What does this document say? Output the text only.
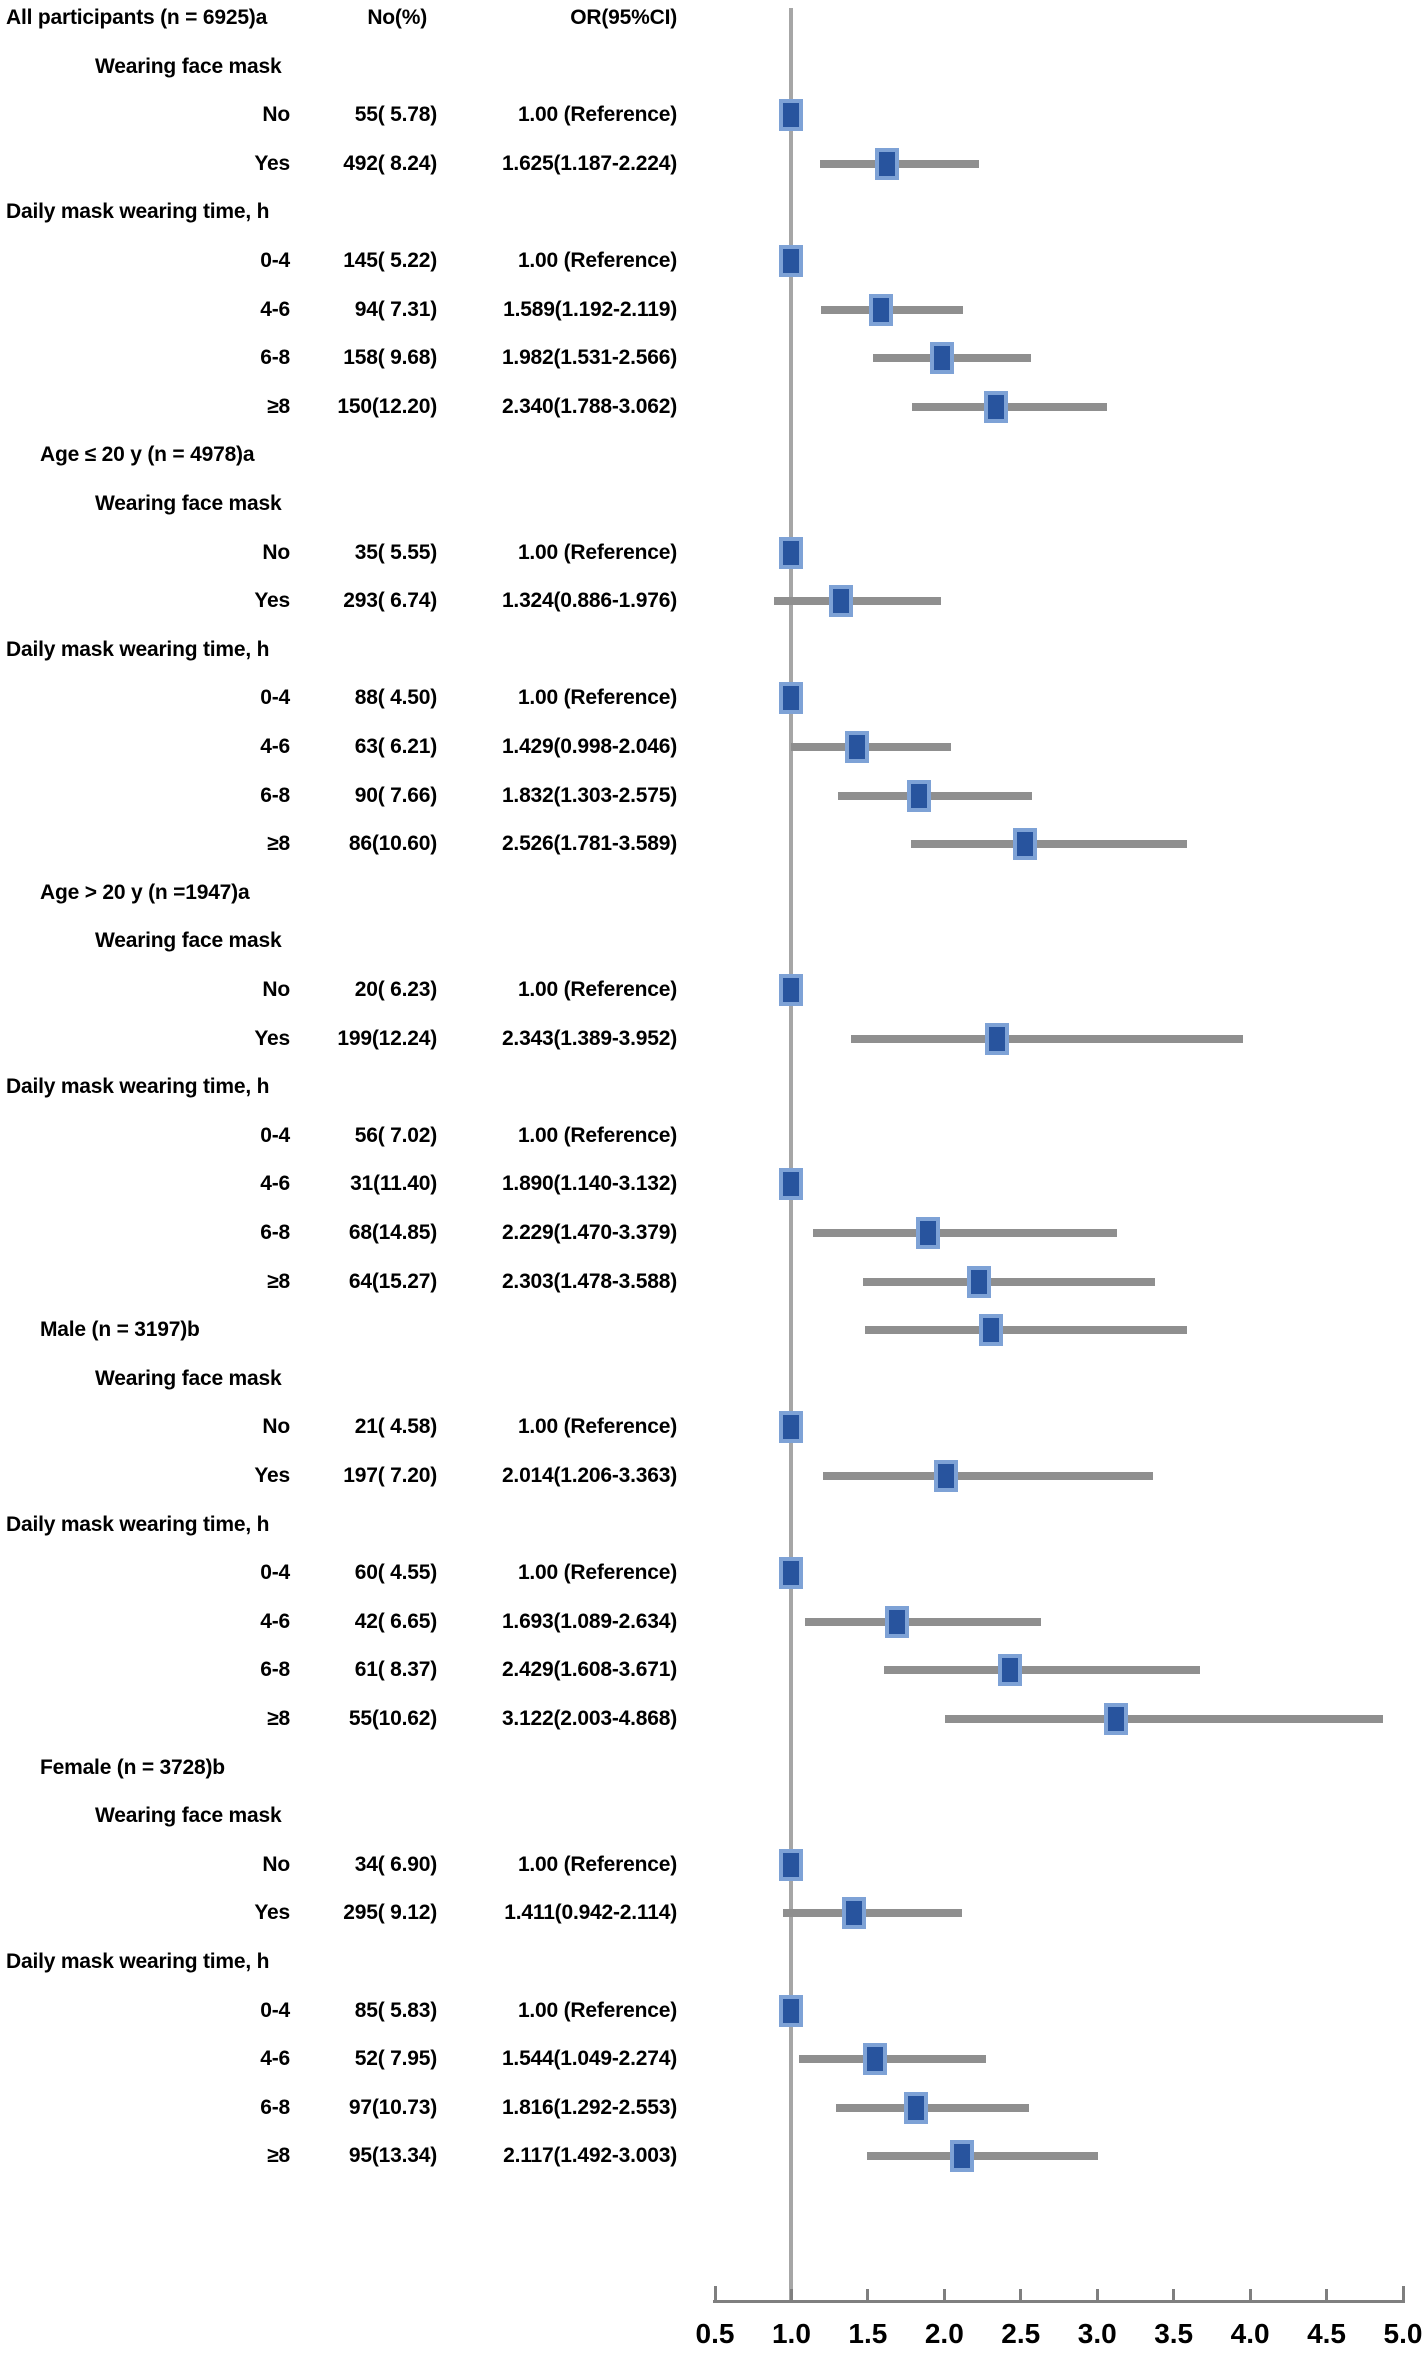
All participants (n = 6925)a	No(%)	OR(95%CI)
Wearing face mask
No	55( 5.78)	1.00 (Reference)
Yes	492( 8.24)	1.625(1.187-2.224)
Daily mask wearing time, h
0-4	145( 5.22)	1.00 (Reference)
4-6	94( 7.31)	1.589(1.192-2.119)
6-8	158( 9.68)	1.982(1.531-2.566)
≥8	150(12.20)	2.340(1.788-3.062)
Age ≤ 20 y (n = 4978)a
Wearing face mask
No	35( 5.55)	1.00 (Reference)
Yes	293( 6.74)	1.324(0.886-1.976)
Daily mask wearing time, h
0-4	88( 4.50)	1.00 (Reference)
4-6	63( 6.21)	1.429(0.998-2.046)
6-8	90( 7.66)	1.832(1.303-2.575)
≥8	86(10.60)	2.526(1.781-3.589)
Age > 20 y (n =1947)a
Wearing face mask
No	20( 6.23)	1.00 (Reference)
Yes	199(12.24)	2.343(1.389-3.952)
Daily mask wearing time, h
0-4	56( 7.02)	1.00 (Reference)
4-6	31(11.40)	1.890(1.140-3.132)
6-8	68(14.85)	2.229(1.470-3.379)
≥8	64(15.27)	2.303(1.478-3.588)
Male (n = 3197)b
Wearing face mask
No	21( 4.58)	1.00 (Reference)
Yes	197( 7.20)	2.014(1.206-3.363)
Daily mask wearing time, h
0-4	60( 4.55)	1.00 (Reference)
4-6	42( 6.65)	1.693(1.089-2.634)
6-8	61( 8.37)	2.429(1.608-3.671)
≥8	55(10.62)	3.122(2.003-4.868)
Female (n = 3728)b
Wearing face mask
No	34( 6.90)	1.00 (Reference)
Yes	295( 9.12)	1.411(0.942-2.114)
Daily mask wearing time, h
0-4	85( 5.83)	1.00 (Reference)
4-6	52( 7.95)	1.544(1.049-2.274)
6-8	97(10.73)	1.816(1.292-2.553)
≥8	95(13.34)	2.117(1.492-3.003)
0.5	1.0	1.5	2.0	2.5	3.0	3.5	4.0	4.5	5.0
